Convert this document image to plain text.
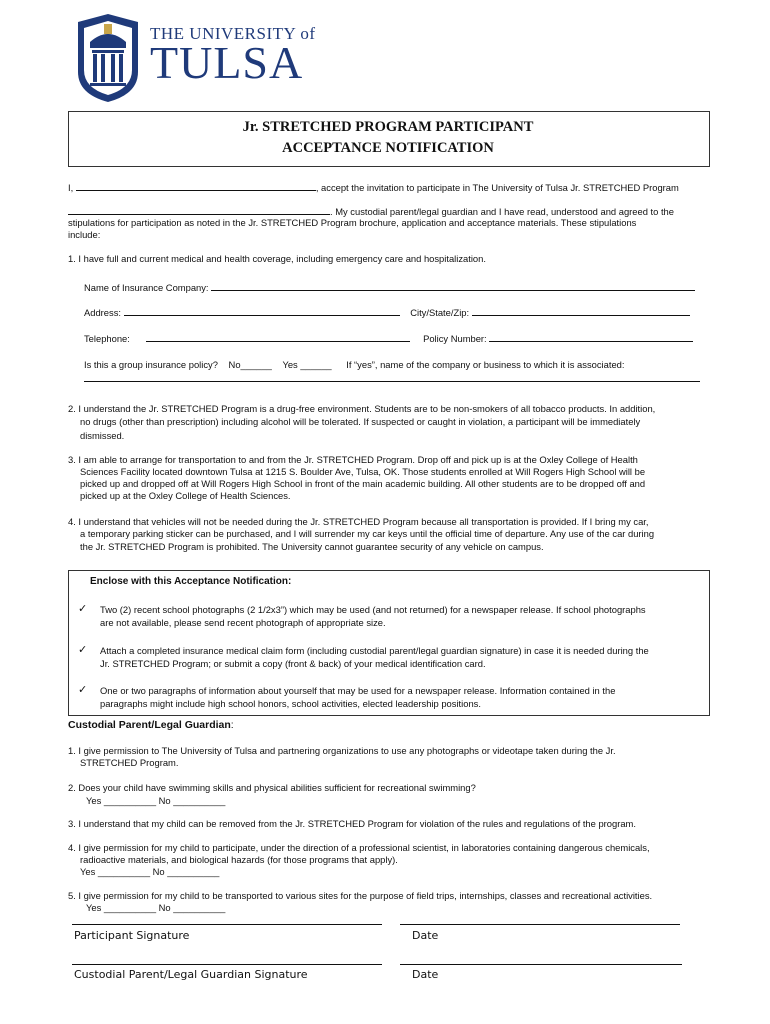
THE UNIVERSITY of
TULSA
Jr. STRETCHED PROGRAM PARTICIPANT
ACCEPTANCE NOTIFICATION
I,	, accept the invitation to participate in The University of Tulsa Jr. STRETCHED Program
. My custodial parent/legal guardian and I have read, understood and agreed to the
stipulations for participation as noted in the Jr. STRETCHED Program brochure, application and acceptance materials. These stipulations
include:
1. I have full and current medical and health coverage, including emergency care and hospitalization.
Name of Insurance Company:
Address:	City/State/Zip:
Telephone:	Policy Number:
Is this a group insurance policy? No______ Yes ______ If “yes”, name of the company or business to which it is associated:
2. I understand the Jr. STRETCHED Program is a drug-free environment. Students are to be non-smokers of all tobacco products. In addition,
no drugs (other than prescription) including alcohol will be tolerated. If suspected or caught in violation, a participant will be immediately
dismissed.
3. I am able to arrange for transportation to and from the Jr. STRETCHED Program. Drop off and pick up is at the Oxley College of Health
Sciences Facility located downtown Tulsa at 1215 S. Boulder Ave, Tulsa, OK. Those students enrolled at Will Rogers High School will be
picked up and dropped off at Will Rogers High School in front of the main academic building. All other students are to be dropped off and
picked up at the Oxley College of Health Sciences.
4. I understand that vehicles will not be needed during the Jr. STRETCHED Program because all transportation is provided. If I bring my car,
a temporary parking sticker can be purchased, and I will surrender my car keys until the official time of departure. Any use of the car during
the Jr. STRETCHED Program is prohibited. The University cannot guarantee security of any vehicle on campus.
Enclose with this Acceptance Notification:
✓ Two (2) recent school photographs (2 1/2x3”) which may be used (and not returned) for a newspaper release. If school photographs
are not available, please send recent photograph of appropriate size.
✓ Attach a completed insurance medical claim form (including custodial parent/legal guardian signature) in case it is needed during the
Jr. STRETCHED Program; or submit a copy (front & back) of your medical identification card.
✓ One or two paragraphs of information about yourself that may be used for a newspaper release. Information contained in the
paragraphs might include high school honors, school activities, elected leadership positions.
Custodial Parent/Legal Guardian:
1. I give permission to The University of Tulsa and partnering organizations to use any photographs or videotape taken during the Jr.
STRETCHED Program.
2. Does your child have swimming skills and physical abilities sufficient for recreational swimming?
Yes __________ No __________
3. I understand that my child can be removed from the Jr. STRETCHED Program for violation of the rules and regulations of the program.
4. I give permission for my child to participate, under the direction of a professional scientist, in laboratories containing dangerous chemicals,
radioactive materials, and biological hazards (for those programs that apply).
Yes __________ No __________
5. I give permission for my child to be transported to various sites for the purpose of field trips, internships, classes and recreational activities.
Yes __________ No __________
Participant Signature	Date
Custodial Parent/Legal Guardian Signature	Date
